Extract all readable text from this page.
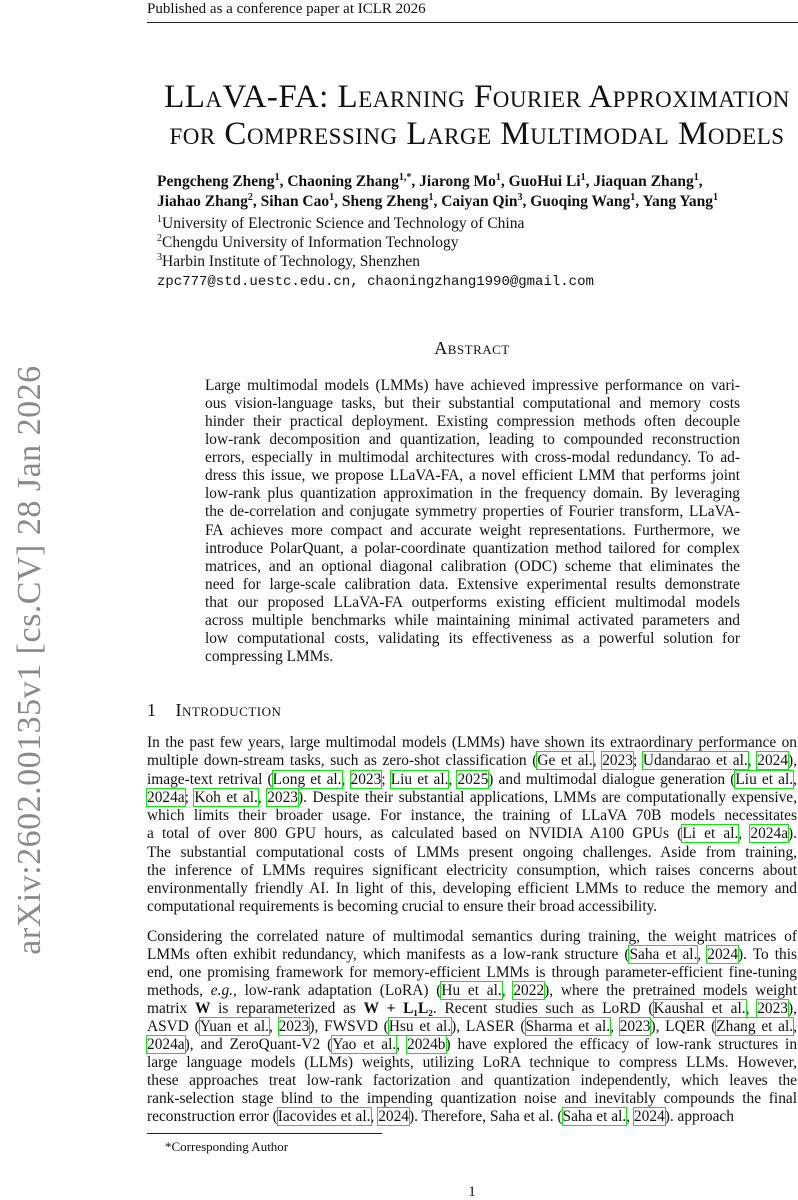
Published as a conference paper at ICLR 2026
arXiv:2602.00135v1 [cs.CV] 28 Jan 2026
LLaVA-FA: Learning Fourier Approximation
for Compressing Large Multimodal Models
Pengcheng Zheng$^1$, Chaoning Zhang$^{1,*}$, Jiarong Mo$^1$, GuoHui Li$^1$, Jiaquan Zhang$^1$,
Jiahao Zhang$^2$, Sihan Cao$^1$, Sheng Zheng$^1$, Caiyan Qin$^3$, Guoqing Wang$^1$, Yang Yang$^1$
$^1$University of Electronic Science and Technology of China
$^2$Chengdu University of Information Technology
$^3$Harbin Institute of Technology, Shenzhen
zpc777@std.uestc.edu.cn, chaoningzhang1990@gmail.com
Abstract
Large multimodal models (LMMs) have achieved impressive performance on vari-
ous vision-language tasks, but their substantial computational and memory costs
hinder their practical deployment. Existing compression methods often decouple
low-rank decomposition and quantization, leading to compounded reconstruction
errors, especially in multimodal architectures with cross-modal redundancy. To ad-
dress this issue, we propose LLaVA-FA, a novel efficient LMM that performs joint
low-rank plus quantization approximation in the frequency domain. By leveraging
the de-correlation and conjugate symmetry properties of Fourier transform, LLaVA-
FA achieves more compact and accurate weight representations. Furthermore, we
introduce PolarQuant, a polar-coordinate quantization method tailored for complex
matrices, and an optional diagonal calibration (ODC) scheme that eliminates the
need for large-scale calibration data. Extensive experimental results demonstrate
that our proposed LLaVA-FA outperforms existing efficient multimodal models
across multiple benchmarks while maintaining minimal activated parameters and
low computational costs, validating its effectiveness as a powerful solution for
compressing LMMs.
1 Introduction
In the past few years, large multimodal models (LMMs) have shown its extraordinary performance on
multiple down-stream tasks, such as zero-shot classification (Ge et al., 2023; Udandarao et al., 2024),
image-text retrival (Long et al., 2023; Liu et al., 2025) and multimodal dialogue generation (Liu et al.,
2024a; Koh et al., 2023). Despite their substantial applications, LMMs are computationally expensive,
which limits their broader usage. For instance, the training of LLaVA 70B models necessitates
a total of over 800 GPU hours, as calculated based on NVIDIA A100 GPUs (Li et al., 2024a).
The substantial computational costs of LMMs present ongoing challenges. Aside from training,
the inference of LMMs requires significant electricity consumption, which raises concerns about
environmentally friendly AI. In light of this, developing efficient LMMs to reduce the memory and
computational requirements is becoming crucial to ensure their broad accessibility.
Considering the correlated nature of multimodal semantics during training, the weight matrices of
LMMs often exhibit redundancy, which manifests as a low-rank structure (Saha et al., 2024). To this
end, one promising framework for memory-efficient LMMs is through parameter-efficient fine-tuning
methods, e.g., low-rank adaptation (LoRA) (Hu et al., 2022), where the pretrained models weight
matrix W is reparameterized as W + L₁L₂. Recent studies such as LoRD (Kaushal et al., 2023),
ASVD (Yuan et al., 2023), FWSVD (Hsu et al.), LASER (Sharma et al., 2023), LQER (Zhang et al.,
2024a), and ZeroQuant-V2 (Yao et al., 2024b) have explored the efficacy of low-rank structures in
large language models (LLMs) weights, utilizing LoRA technique to compress LLMs. However,
these approaches treat low-rank factorization and quantization independently, which leaves the
rank-selection stage blind to the impending quantization noise and inevitably compounds the final
reconstruction error (Iacovides et al., 2024). Therefore, Saha et al. (Saha et al., 2024). approach
*Corresponding Author
1
